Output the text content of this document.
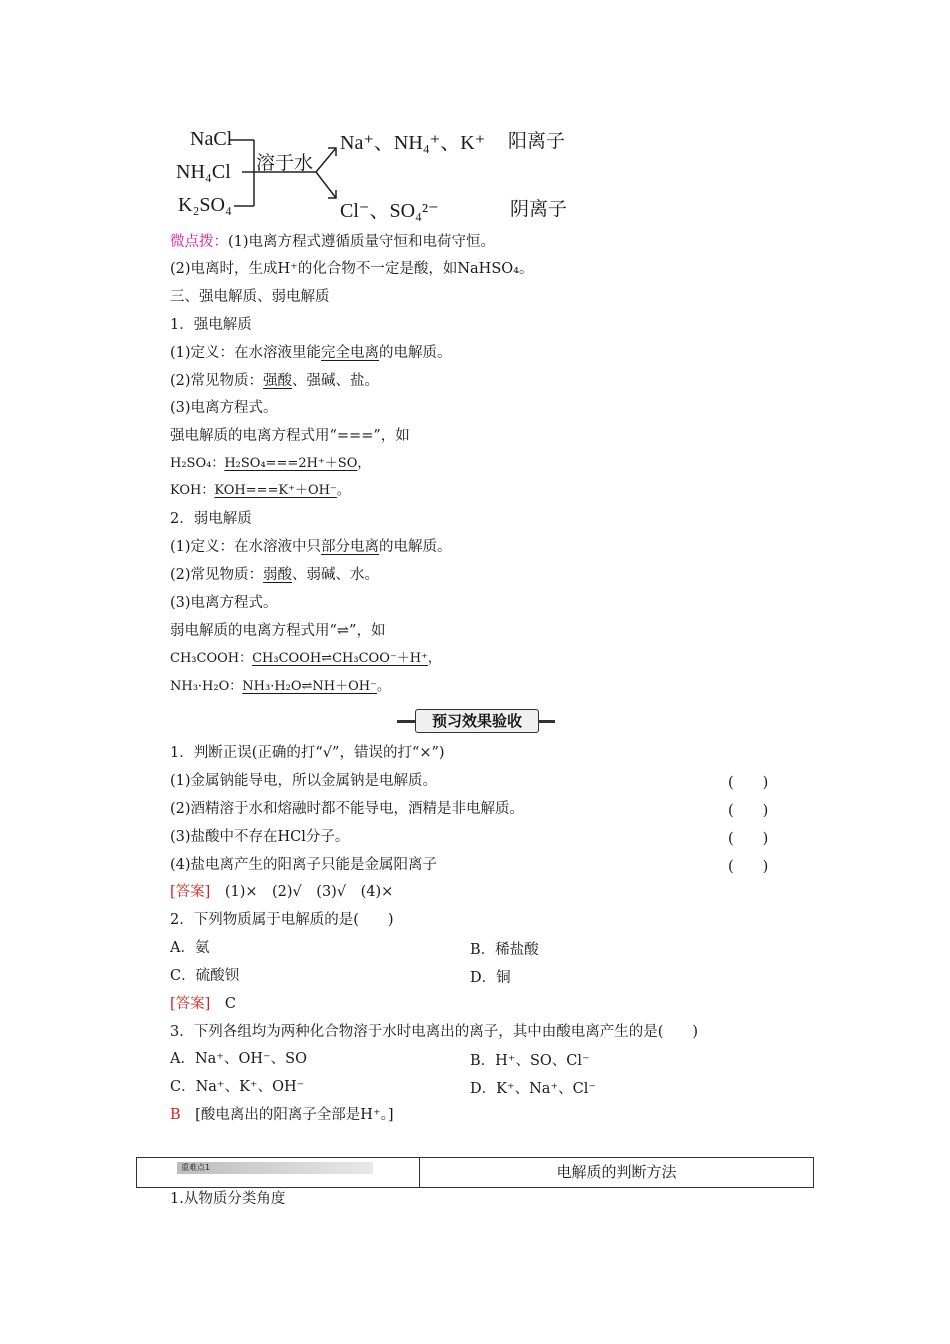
NaCl
NH₄Cl
K₂SO₄
溶于水
Na⁺、NH₄⁺、K⁺
Cl⁻、SO₄²⁻
阳离子
阴离子
微点拨：(1)电离方程式遵循质量守恒和电荷守恒。
(2)电离时，生成H⁺的化合物不一定是酸，如NaHSO₄。
三、强电解质、弱电解质
1．强电解质
(1)定义：在水溶液里能完全电离的电解质。
(2)常见物质：强酸、强碱、盐。
(3)电离方程式。
强电解质的电离方程式用“===”，如
H₂SO₄：H₂SO₄===2H⁺＋SO，
KOH：KOH===K⁺＋OH⁻。
2．弱电解质
(1)定义：在水溶液中只部分电离的电解质。
(2)常见物质：弱酸、弱碱、水。
(3)电离方程式。
弱电解质的电离方程式用“⇌”，如
CH₃COOH：CH₃COOH⇌CH₃COO⁻＋H⁺，
NH₃·H₂O：NH₃·H₂O⇌NH＋OH⁻。
预习效果验收
1．判断正误(正确的打“√”，错误的打“×”)
(1)金属钠能导电，所以金属钠是电解质。	(　　)
(2)酒精溶于水和熔融时都不能导电，酒精是非电解质。	(　　)
(3)盐酸中不存在HCl分子。	(　　)
(4)盐电离产生的阳离子只能是金属阳离子	(　　)
[答案]　 (1)×　(2)√　(3)√　(4)×
2．下列物质属于电解质的是(　　)
A．氨	B．稀盐酸
C．硫酸钡	D．铜
[答案]　 C
3．下列各组均为两种化合物溶于水时电离出的离子，其中由酸电离产生的是(　　)
A．Na⁺、OH⁻、SO	B．H⁺、SO、Cl⁻
C．Na⁺、K⁺、OH⁻	D．K⁺、Na⁺、Cl⁻
B　 [酸电离出的阳离子全部是H⁺。]
重难点1	电解质的判断方法
1.从物质分类角度
